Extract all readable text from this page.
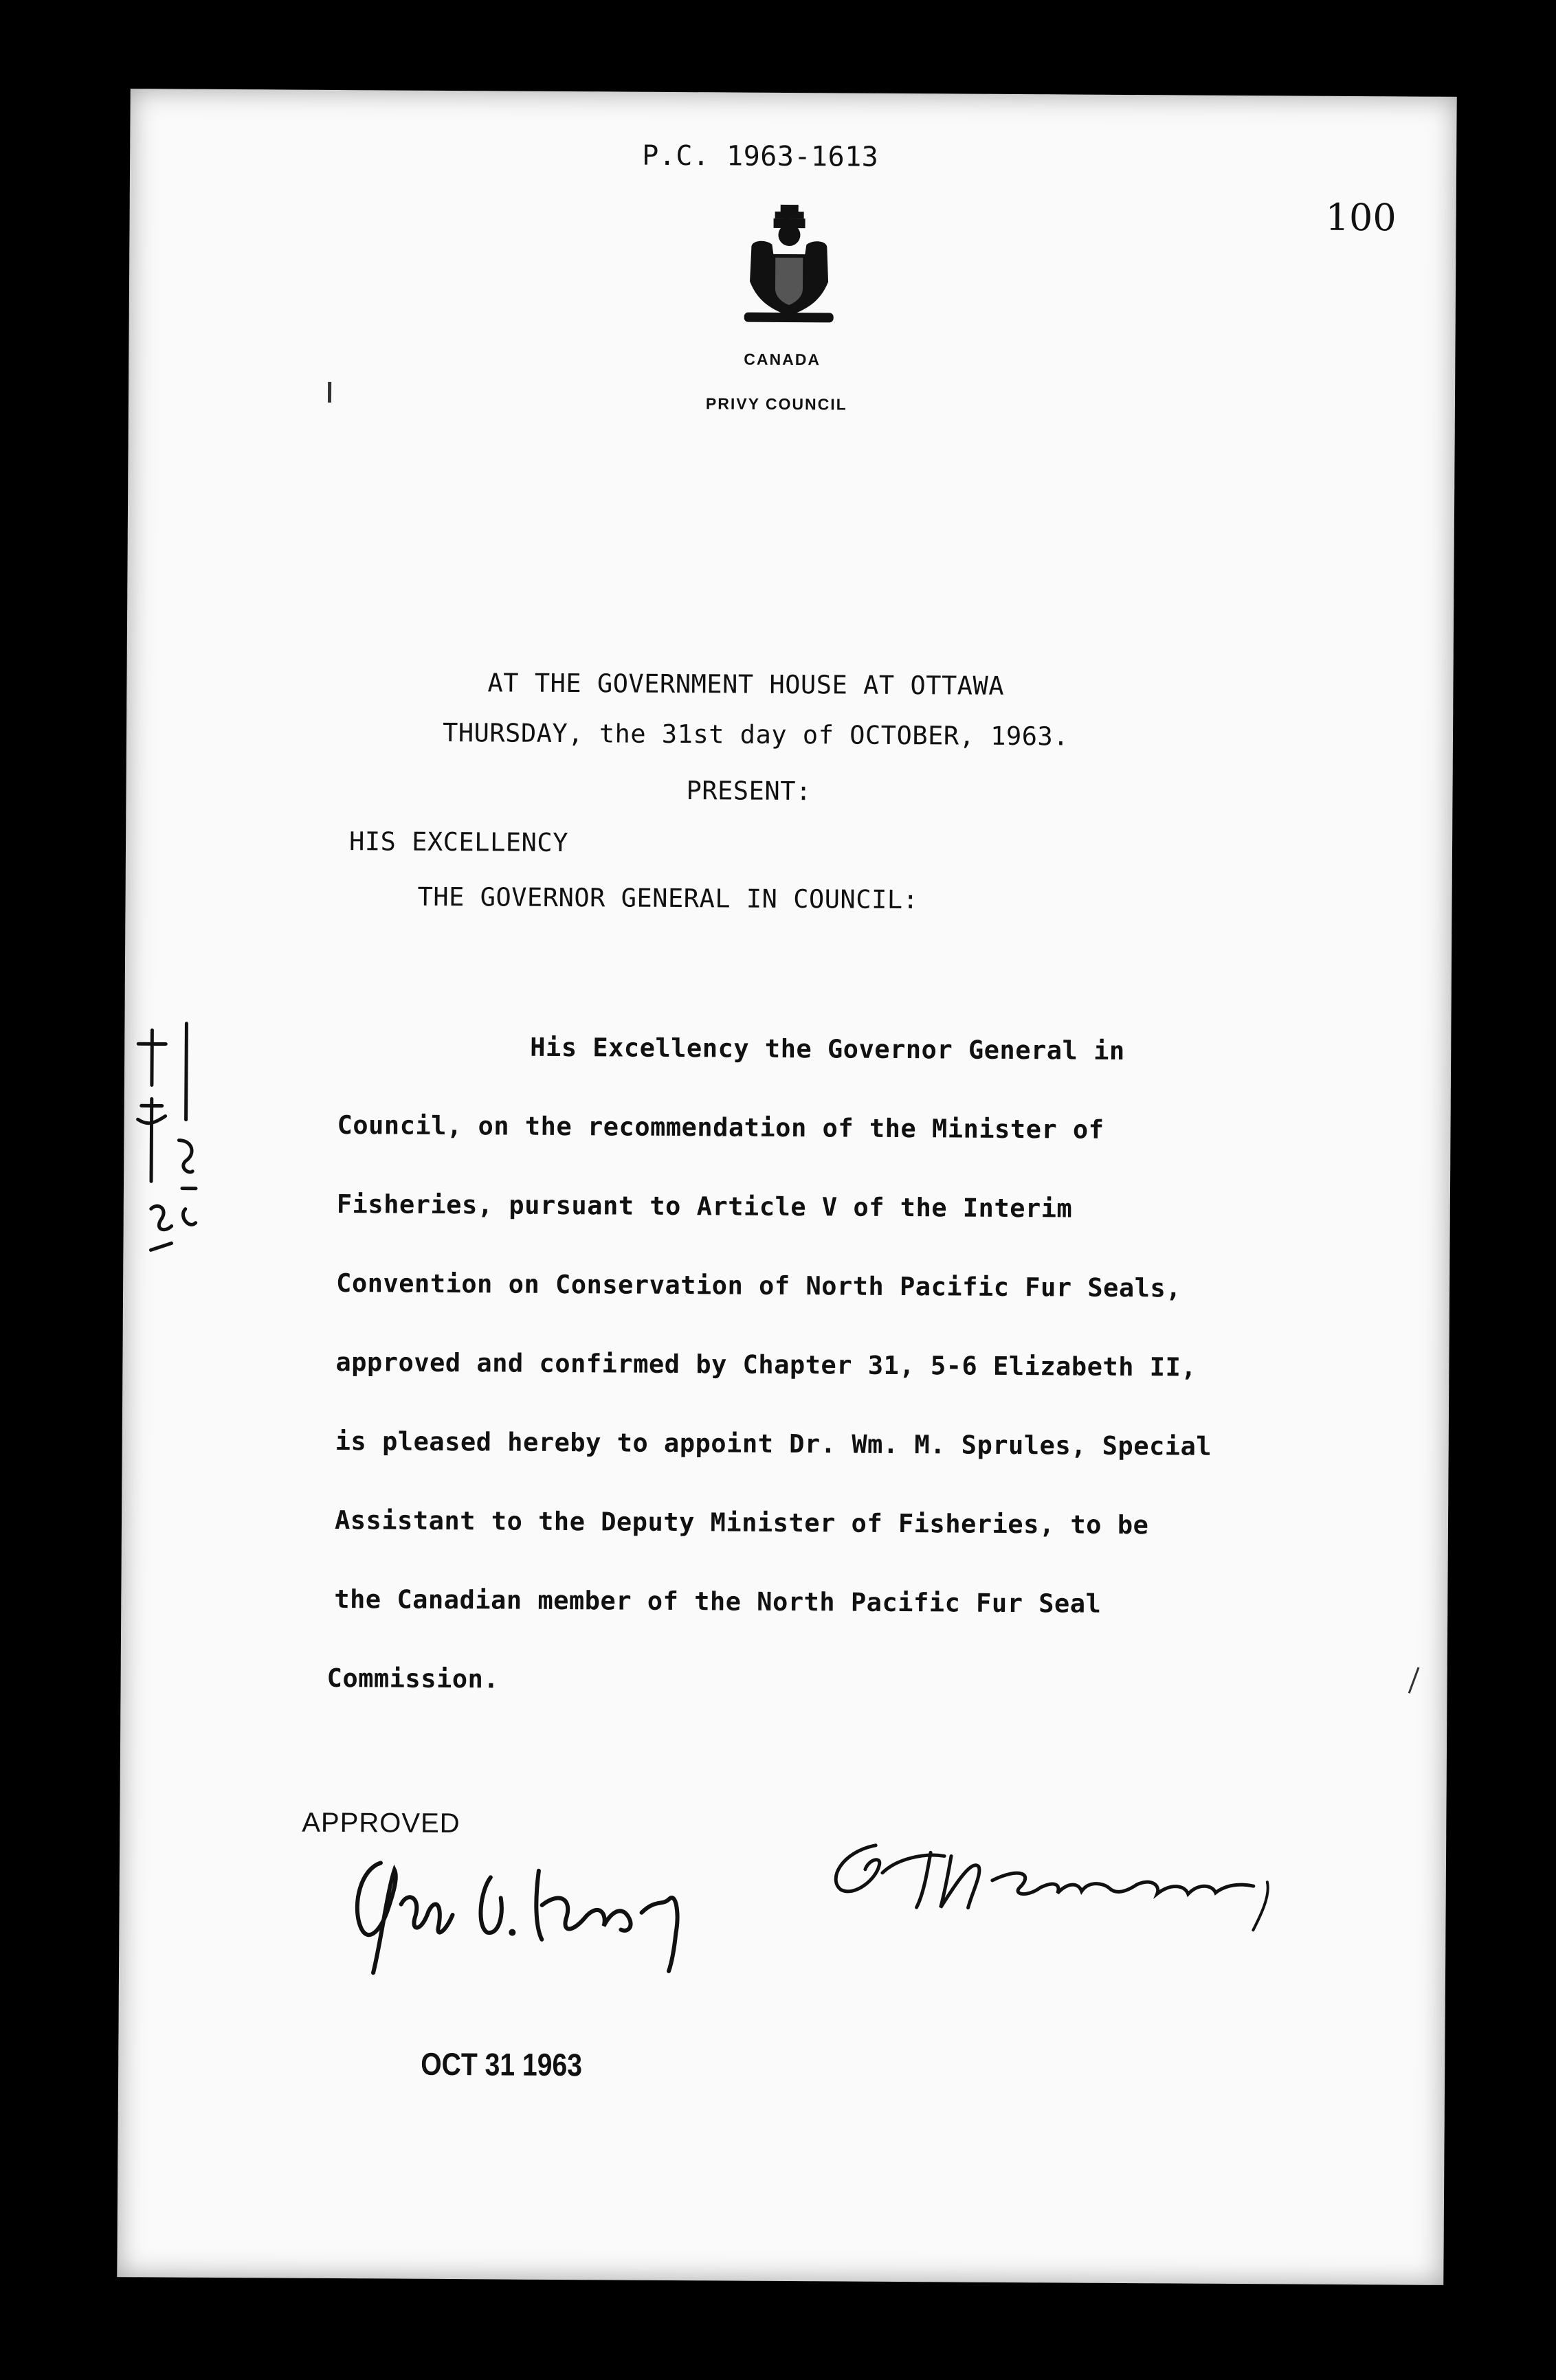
P.C. 1963-1613
100
CANADA
PRIVY COUNCIL
AT THE GOVERNMENT HOUSE AT OTTAWA
THURSDAY, the 31st day of OCTOBER, 1963.
PRESENT:
HIS EXCELLENCY
THE GOVERNOR GENERAL IN COUNCIL:
His Excellency the Governor General in
Council, on the recommendation of the Minister of
Fisheries, pursuant to Article V of the Interim
Convention on Conservation of North Pacific Fur Seals,
approved and confirmed by Chapter 31, 5-6 Elizabeth II,
is pleased hereby to appoint Dr. Wm. M. Sprules, Special
Assistant to the Deputy Minister of Fisheries, to be
the Canadian member of the North Pacific Fur Seal
Commission.
APPROVED
OCT 31 1963
